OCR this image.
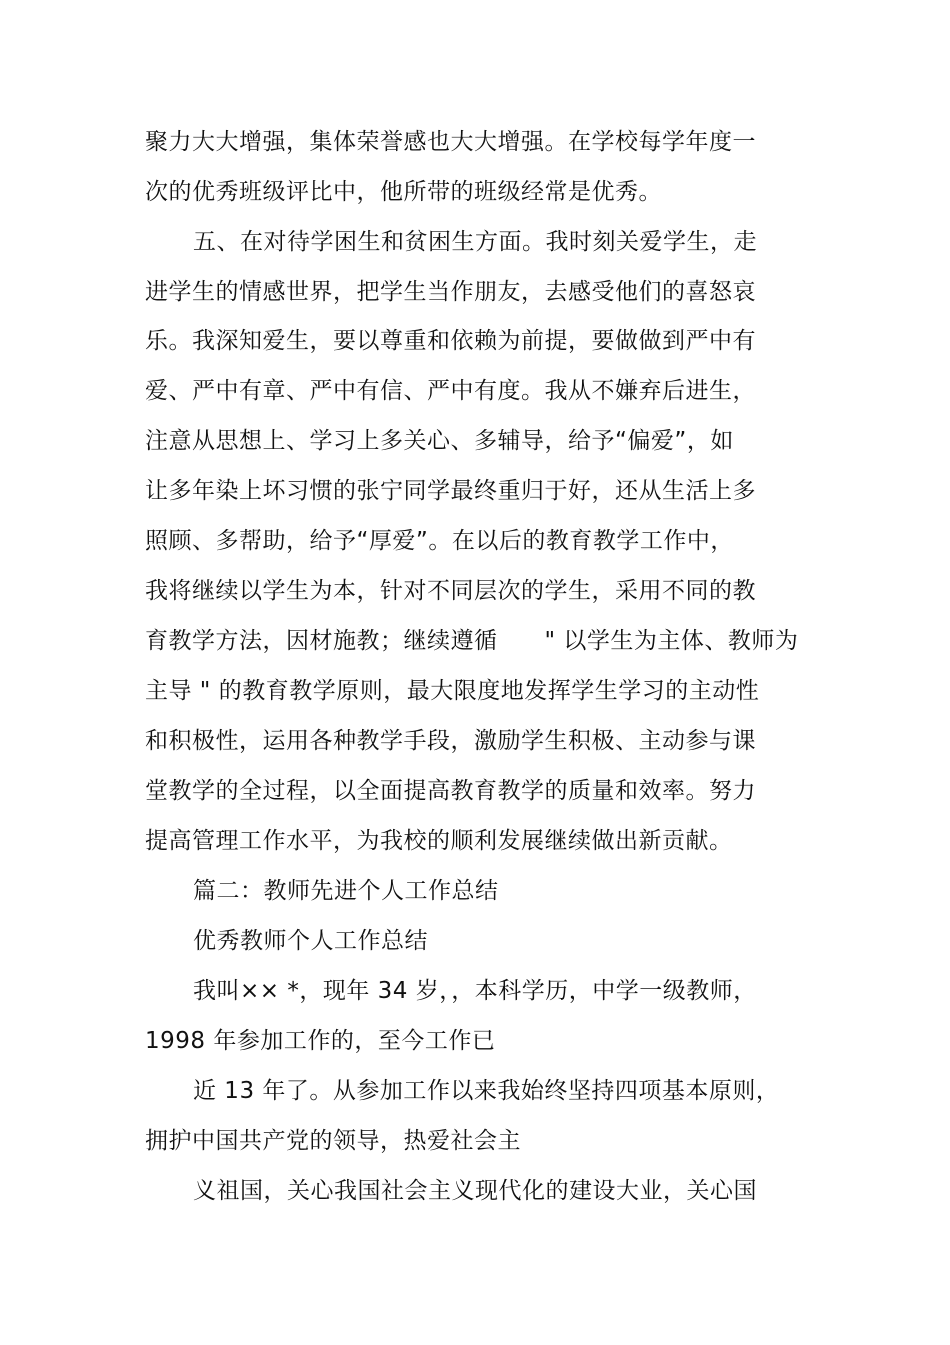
聚力大大增强，集体荣誉感也大大增强。在学校每学年度一
次的优秀班级评比中，他所带的班级经常是优秀。
五、在对待学困生和贫困生方面。我时刻关爱学生，走
进学生的情感世界，把学生当作朋友，去感受他们的喜怒哀
乐。我深知爱生，要以尊重和依赖为前提，要做做到严中有
爱、严中有章、严中有信、严中有度。我从不嫌弃后进生，
注意从思想上、学习上多关心、多辅导，给予“偏爱”，如
让多年染上坏习惯的张宁同学最终重归于好，还从生活上多
照顾、多帮助，给予“厚爱”。在以后的教育教学工作中，
我将继续以学生为本，针对不同层次的学生，采用不同的教
育教学方法，因材施教；继续遵循　　" 以学生为主体、教师为
主导 " 的教育教学原则，最大限度地发挥学生学习的主动性
和积极性，运用各种教学手段，激励学生积极、主动参与课
堂教学的全过程，以全面提高教育教学的质量和效率。努力
提高管理工作水平，为我校的顺利发展继续做出新贡献。
篇二：教师先进个人工作总结
优秀教师个人工作总结
我叫×× *，现年 34 岁，，本科学历，中学一级教师，
1998 年参加工作的，至今工作已
近 13 年了。从参加工作以来我始终坚持四项基本原则，
拥护中国共产党的领导，热爱社会主
义祖国，关心我国社会主义现代化的建设大业，关心国
